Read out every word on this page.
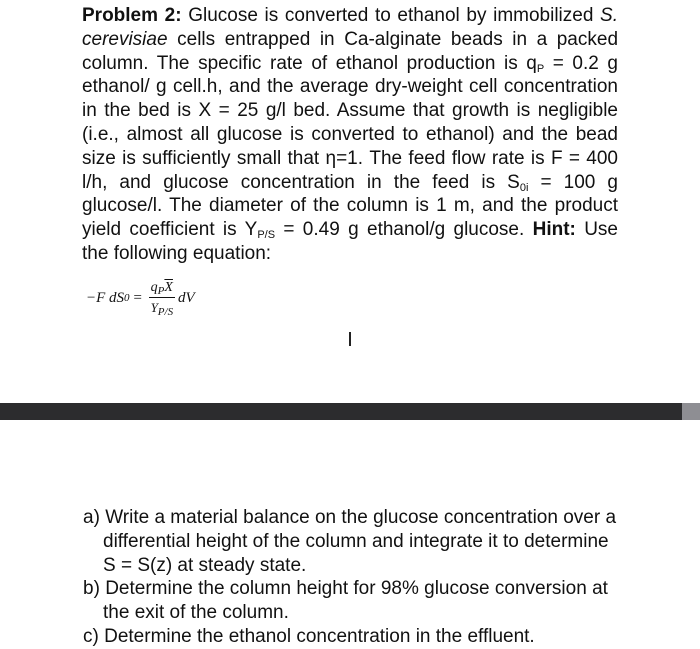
Problem 2: Glucose is converted to ethanol by immobilized S. cerevisiae cells entrapped in Ca-alginate beads in a packed column. The specific rate of ethanol production is $q_P = 0.2$ g ethanol/ g cell.h, and the average dry-weight cell concentration in the bed is X = 25 g/l bed. Assume that growth is negligible (i.e., almost all glucose is converted to ethanol) and the bead size is sufficiently small that η=1. The feed flow rate is F = 400 l/h, and glucose concentration in the feed is $S_{0i} = 100$ g glucose/l. The diameter of the column is 1 m, and the product yield coefficient is $Y_{P/S} = 0.49$ g ethanol/g glucose. Hint: Use the following equation:
−F dS $0 = \frac{q_P\overline{X}}{Y_{P/S}}$ dV
a) Write a material balance on the glucose concentration over a differential height of the column and integrate it to determine S = S(z) at steady state.
b) Determine the column height for 98% glucose conversion at the exit of the column.
c) Determine the ethanol concentration in the effluent.
